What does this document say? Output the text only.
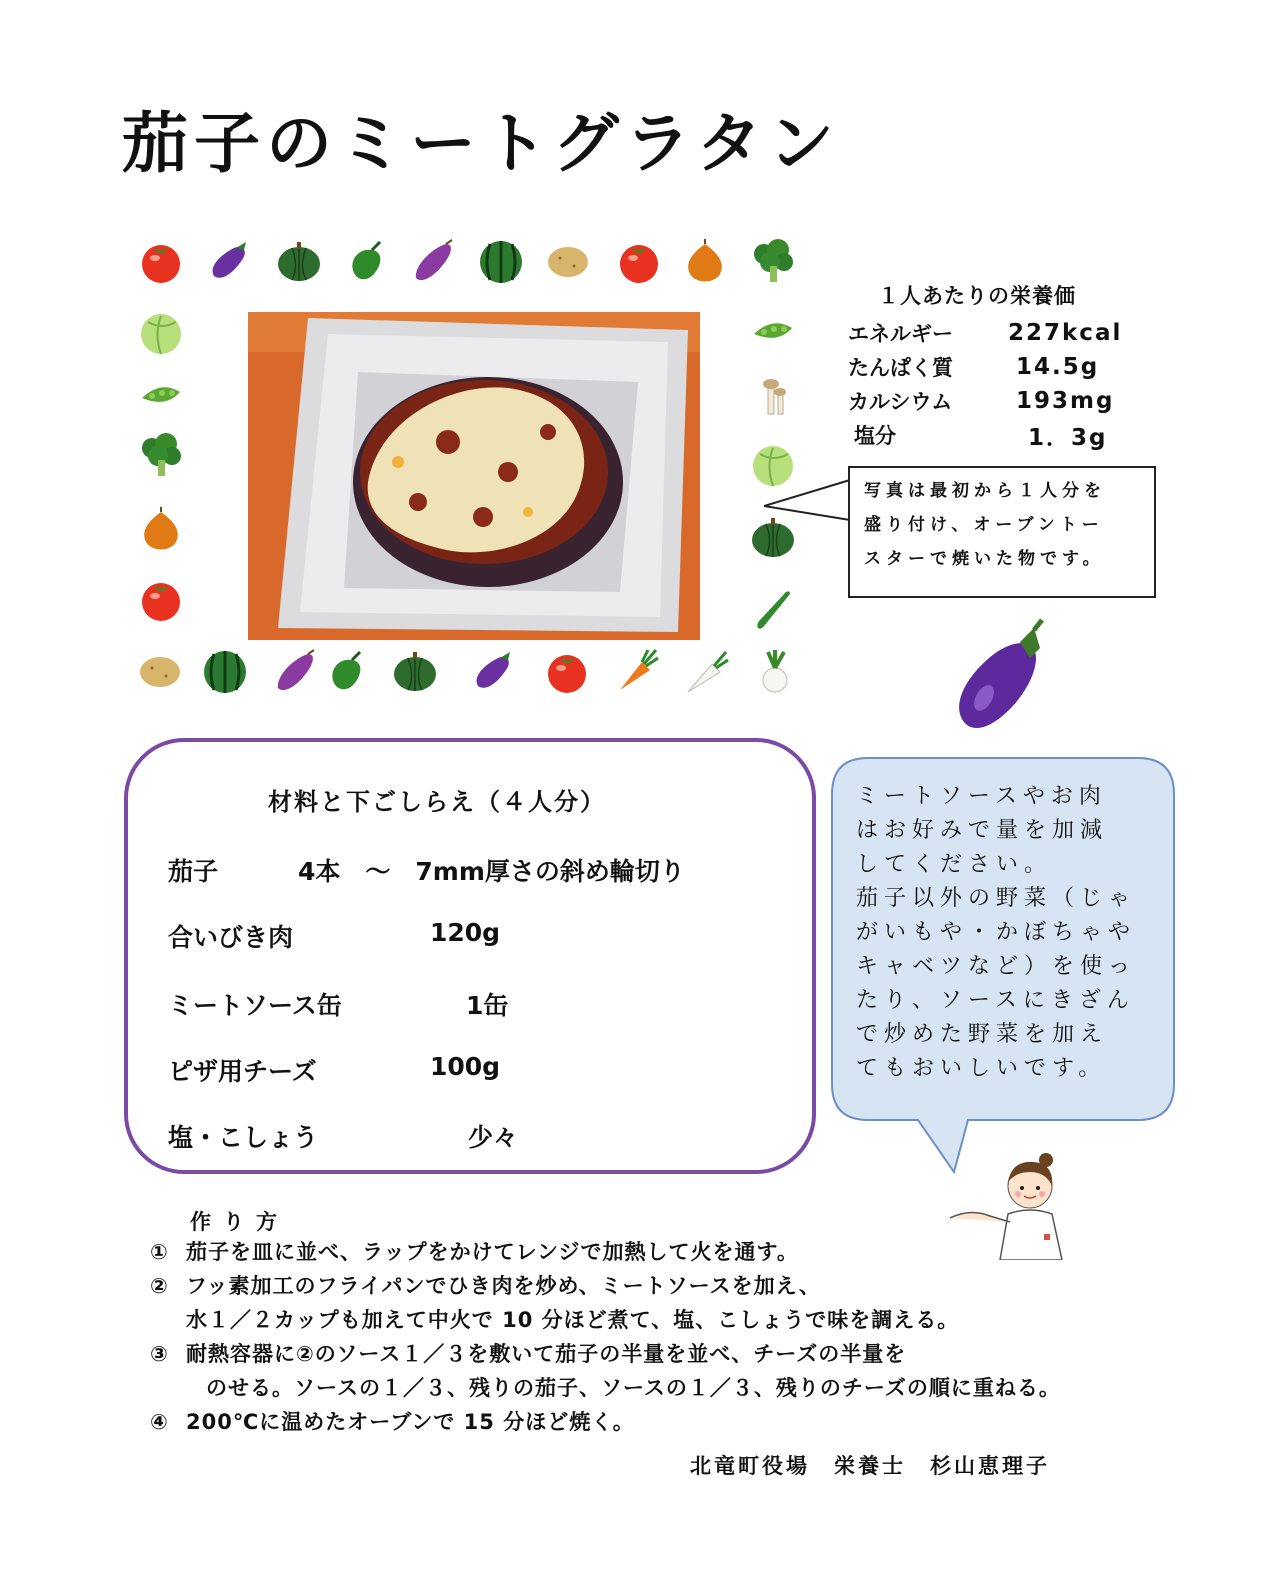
茄子のミートグラタン
１人あたりの栄養価
エネルギー	227kcal
たんぱく質	14.5g
カルシウム	193mg
塩分	1．3g
写真は最初から１人分を
盛り付け、オーブントー
スターで焼いた物です。
材料と下ごしらえ（４人分）
茄子	4本　～　7mm厚さの斜め輪切り
合いびき肉	120g
ミートソース缶	1缶
ピザ用チーズ	100g
塩・こしょう	少々
ミートソースやお肉
はお好みで量を加減
してください。
茄子以外の野菜（じゃ
がいもや・かぼちゃや
キャベツなど）を使っ
たり、ソースにきざん
で炒めた野菜を加え
てもおいしいです。
作り方
① 茄子を皿に並べ、ラップをかけてレンジで加熱して火を通す。
② フッ素加工のフライパンでひき肉を炒め、ミートソースを加え、
水１／２カップも加えて中火で 10 分ほど煮て、塩、こしょうで味を調える。
③ 耐熱容器に②のソース１／３を敷いて茄子の半量を並べ、チーズの半量を
のせる。ソースの１／３、残りの茄子、ソースの１／３、残りのチーズの順に重ねる。
④ 200℃に温めたオーブンで 15 分ほど焼く。
北竜町役場　栄養士　杉山恵理子
